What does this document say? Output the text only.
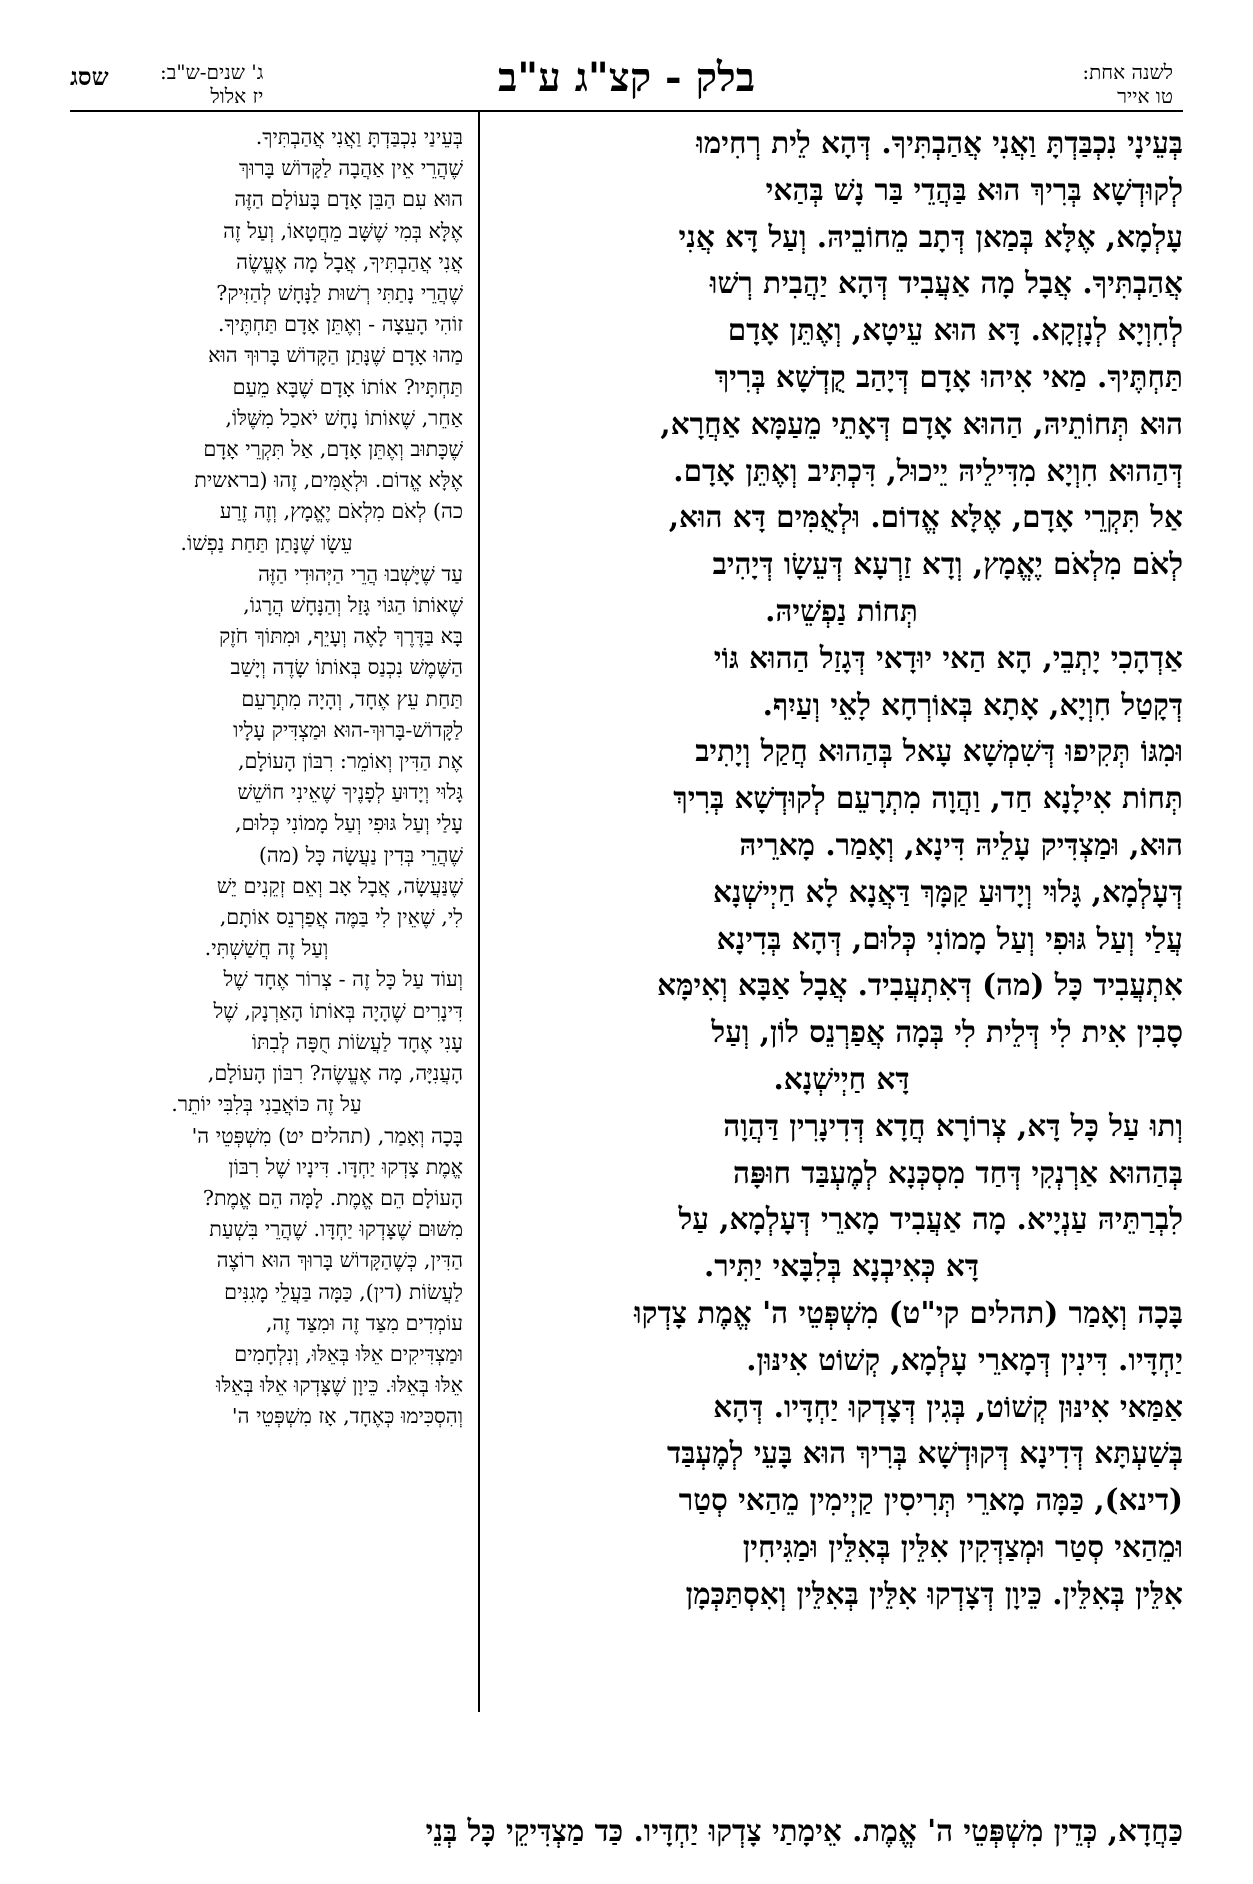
לשנה אחת:
טו אייר
בלק - קצ"ג ע"ב
ג' שנים-ש"ב:
יז אלול
שסג

בְּעֵינָי נִכְבַּדְתָּ וַאֲנִי אֲהַבְתִּיךָ. דְּהָא לֵית רְחִימוּ

לְקוּדְשָׁא בְּרִיךְ הוּא בַּהֲדֵי בַּר נָשׁ בְּהַאי

עָלְמָא, אֶלָּא בְּמַאן דְּתָב מֵחוֹבֵיהּ. וְעַל דָּא אֲנִי

אֲהַבְתִּיךָ. אֲבָל מָה אַעֲבִיד דְּהָא יַהֲבִית רְשׁוּ

לְחִוְיָא לְנָזְקָא. דָּא הוּא עֵיטָא, וְאֶתֵּן אָדָם

תַּחְתֶּיךָ. מַאי אִיהוּ אָדָם דְּיָהַב קֻדְשָׁא בְּרִיךְ

הוּא תְּחוֹתֵיהּ, הַהוּא אָדָם דְּאָתֵי מֵעַמָּא אַחֲרָא,

דְּהַהוּא חִוְיָא מִדִּילֵיהּ יֵיכוּל, דִּכְתִּיב וְאֶתֵּן אָדָם.

אַל תִּקְרֵי אָדָם, אֶלָּא אֱדוֹם. וּלְאֻמִּים דָּא הוּא,

לְאֹם מִלְאֹם יֶאֱמָץ, וְדָא זַרְעָא דְּעֵשָׂו דְּיָהִיב

תְּחוֹת נַפְשֵׁיהּ.

אַדְהָכִי יָתְבֵי, הָא הַאי יוּדָאי דְּגָזַל הַהוּא גּוֹי

דְּקָטַל חִוְיָא, אָתָא בְּאוֹרְחָא לָאֵי וְעַיִף.

וּמִגּוֹ תְּקִיפוּ דְּשִׁמְשָׁא עָאל בְּהַהוּא חֲקַל וְיָתִיב

תְּחוֹת אִילָנָא חַד, וַהֲוָה מִתְרָעֵם לְקוּדְשָׁא בְּרִיךְ

הוּא, וּמַצְדִּיק עָלֵיהּ דִּינָא, וְאָמַר. מָארֵיהּ

דְּעָלְמָא, גָּלוּי וְיָדוּעַ קַמָּךְ דַּאֲנָא לָא חַיְישְׁנָא

עֲלַי וְעַל גּוּפִי וְעַל מָמוֹנִי כְּלוּם, דְּהָא בְּדִינָא

אִתְעֲבִיד כָּל (מה) דְּאִתְעֲבִיד. אֲבָל אַבָּא וְאִימָּא

סָבִין אִית לִי דְּלֵית לִי בְּמָה אֲפַרְנֵס לוֹן, וְעַל

דָּא חַיְישְׁנָא.

וְתוּ עַל כָּל דָּא, צְרוֹרָא חֲדָא דְּדִינָרִין דַּהֲוָה

בְּהַהוּא אַרְנְקִי דְּחַד מִסְכְּנָא לְמֶעְבַּד חוּפָּה

לִבְרַתֵּיהּ עַנְיָיא. מָה אַעֲבִיד מָארֵי דְּעָלְמָא, עַל

דָּא כְּאִיבְנָא בְּלִבָּאי יַתִּיר.

בָּכָה וְאָמַר (תהלים קי"ט) מִשְׁפְּטֵי ה' אֱמֶת צָדְקוּ

יַחְדָּיו. דִּינִין דְּמָארֵי עָלְמָא, קְשׁוֹט אִינּוּן.

אַמַּאי אִינּוּן קְשׁוֹט, בְּגִין דְּצָדְקוּ יַחְדָּיו. דְּהָא

בְּשַׁעְתָּא דְּדִינָא דְּקוּדְשָׁא בְּרִיךְ הוּא בָּעֵי לְמֶעְבַּד

(דינא), כַּמָּה מָארֵי תְּרִיסִין קַיְימִין מֵהַאי סְטַר

וּמֵהַאי סְטַר וּמְצַדְּקִין אִלֵּין בְּאִלֵּין וּמַגִּיחִין

אִלֵּין בְּאִלֵּין. כֵּיוָן דְּצָדְקוּ אִלֵּין בְּאִלֵּין וְאִסְתַּכְּמָן

בְּעֵינַי נִכְבַּדְתָּ וַאֲנִי אֲהַבְתִּיךָ.

שֶׁהֲרֵי אֵין אַהֲבָה לַקָּדוֹשׁ בָּרוּךְ

הוּא עִם הַבֵּן אָדָם בָּעוֹלָם הַזֶּה

אֶלָּא בְּמִי שֶׁשָּׁב מֵחֲטָאוֹ, וְעַל זֶה

אֲנִי אֲהַבְתִּיךָ, אֲבָל מָה אֶעֱשֶׂה

שֶׁהֲרֵי נָתַתִּי רְשׁוּת לַנָּחָשׁ לְהַזִּיק?

זוֹהִי הָעֵצָה - וְאֶתֵּן אָדָם תַּחְתֶּיךָ.

מַהוּ אָדָם שֶׁנָּתַן הַקָּדוֹשׁ בָּרוּךְ הוּא

תַּחְתָּיו? אוֹתוֹ אָדָם שֶׁבָּא מֵעַם

אַחֵר, שֶׁאוֹתוֹ נָחָשׁ יֹאכַל מִשֶּׁלּוֹ,

שֶׁכָּתוּב וְאֶתֵּן אָדָם, אַל תִּקְרֵי אָדָם

אֶלָּא אֱדוֹם. וּלְאֻמִּים, זֶהוּ (בראשית

כה) לְאֹם מִלְאֹם יֶאֱמָץ, וְזֶה זֶרַע

עֵשָׂו שֶׁנָּתַן תַּחַת נַפְשׁוֹ.

עַד שֶׁיָּשְׁבוּ הֲרֵי הַיְּהוּדִי הַזֶּה

שֶׁאוֹתוֹ הַגּוֹי גָּזַל וְהַנָּחָשׁ הֲרָגוֹ,

בָּא בַּדֶּרֶךְ לָאֶה וְעָיֵף, וּמִתּוֹךְ חֹזֶק

הַשֶּׁמֶשׁ נִכְנַס בְּאוֹתוֹ שָׂדֶה וְיָשַׁב

תַּחַת עֵץ אֶחָד, וְהָיָה מִתְרָעֵם

לַקָּדוֹשׁ-בָּרוּךְ-הוּא וּמַצְדִּיק עָלָיו

אֶת הַדִּין וְאוֹמֵר: רִבּוֹן הָעוֹלָם,

גָּלוּי וְיָדוּעַ לְפָנֶיךָ שֶׁאֵינִי חוֹשֵׁשׁ

עָלַי וְעַל גּוּפִי וְעַל מָמוֹנִי כְּלוּם,

שֶׁהֲרֵי בְּדִין נַעֲשָׂה כָּל (מה)

שֶׁנַּעֲשָׂה, אֲבָל אָב וְאֵם זְקֵנִים יֵשׁ

לִי, שֶׁאֵין לִי בַּמֶּה אֲפַרְנֵס אוֹתָם,

וְעַל זֶה חֲשַׁשְׁתִּי.

וְעוֹד עַל כָּל זֶה - צְרוֹר אֶחָד שֶׁל

דִּינָרִים שֶׁהָיָה בְּאוֹתוֹ הָאַרְנָק, שֶׁל

עָנִי אֶחָד לַעֲשׂוֹת חֻפָּה לְבִתּוֹ

הָעֲנִיָּה, מָה אֶעֱשֶׂה? רִבּוֹן הָעוֹלָם,

עַל זֶה כּוֹאֲבַנִי בְּלִבִּי יוֹתֵר.

בָּכָה וְאָמַר, (תהלים יט) מִשְׁפְּטֵי ה'

אֱמֶת צָדְקוּ יַחְדָּו. דִּינָיו שֶׁל רִבּוֹן

הָעוֹלָם הֵם אֱמֶת. לָמָּה הֵם אֱמֶת?

מִשּׁוּם שֶׁצָּדְקוּ יַחְדָּו. שֶׁהֲרֵי בִּשְׁעַת

הַדִּין, כְּשֶׁהַקָּדוֹשׁ בָּרוּךְ הוּא רוֹצֶה

לַעֲשׂוֹת (דין), כַּמָּה בַּעֲלֵי מָגִנִּים

עוֹמְדִים מִצַּד זֶה וּמִצַּד זֶה,

וּמַצְדִּיקִים אֵלּוּ בְּאֵלּוּ, וְנִלְחָמִים

אֵלּוּ בְּאֵלּוּ. כֵּיוָן שֶׁצָּדְקוּ אֵלּוּ בְּאֵלּוּ

וְהִסְכִּימוּ כְּאֶחָד, אָז מִשְׁפְּטֵי ה'

כַּחֲדָא, כְּדֵין מִשְׁפְּטֵי ה' אֱמֶת. אֵימָתַי צָדְקוּ יַחְדָּיו. כַּד מַצְדִּיקֵי כָּל בְּנֵי
